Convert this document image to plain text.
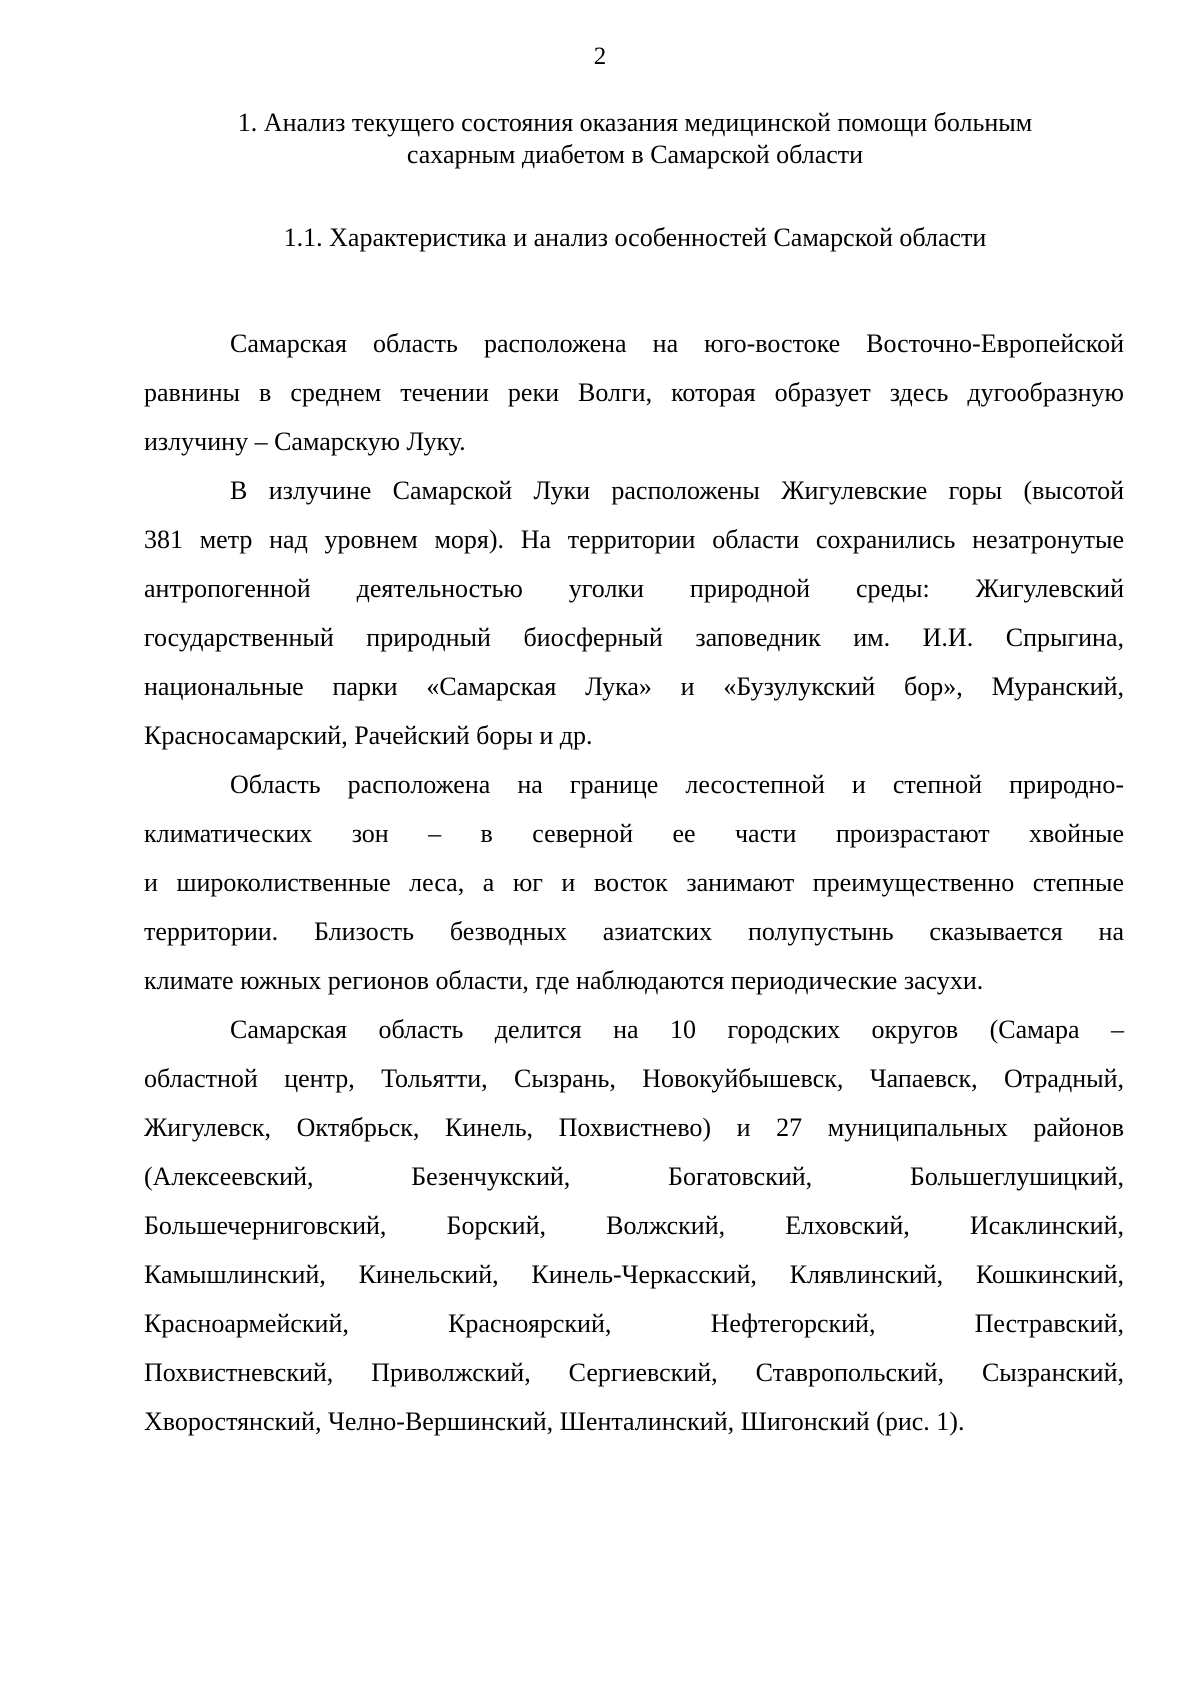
2
1. Анализ текущего состояния оказания медицинской помощи больным
сахарным диабетом в Самарской области
1.1. Характеристика и анализ особенностей Самарской области
Самарская область расположена на юго-востоке Восточно-Европейской
равнины в среднем течении реки Волги, которая образует здесь дугообразную
излучину – Самарскую Луку.
В излучине Самарской Луки расположены Жигулевские горы (высотой
381 метр над уровнем моря). На территории области сохранились незатронутые
антропогенной деятельностью уголки природной среды: Жигулевский
государственный природный биосферный заповедник им. И.И. Спрыгина,
национальные парки «Самарская Лука» и «Бузулукский бор», Муранский,
Красносамарский, Рачейский боры и др.
Область расположена на границе лесостепной и степной природно-
климатических зон – в северной ее части произрастают хвойные
и широколиственные леса, а юг и восток занимают преимущественно степные
территории. Близость безводных азиатских полупустынь сказывается на
климате южных регионов области, где наблюдаются периодические засухи.
Самарская область делится на 10 городских округов (Самара –
областной центр, Тольятти, Сызрань, Новокуйбышевск, Чапаевск, Отрадный,
Жигулевск, Октябрьск, Кинель, Похвистнево) и 27 муниципальных районов
(Алексеевский, Безенчукский, Богатовский, Большеглушицкий,
Большечерниговский, Борский, Волжский, Елховский, Исаклинский,
Камышлинский, Кинельский, Кинель-Черкасский, Клявлинский, Кошкинский,
Красноармейский, Красноярский, Нефтегорский, Пестравский,
Похвистневский, Приволжский, Сергиевский, Ставропольский, Сызранский,
Хворостянский, Челно-Вершинский, Шенталинский, Шигонский (рис. 1).
